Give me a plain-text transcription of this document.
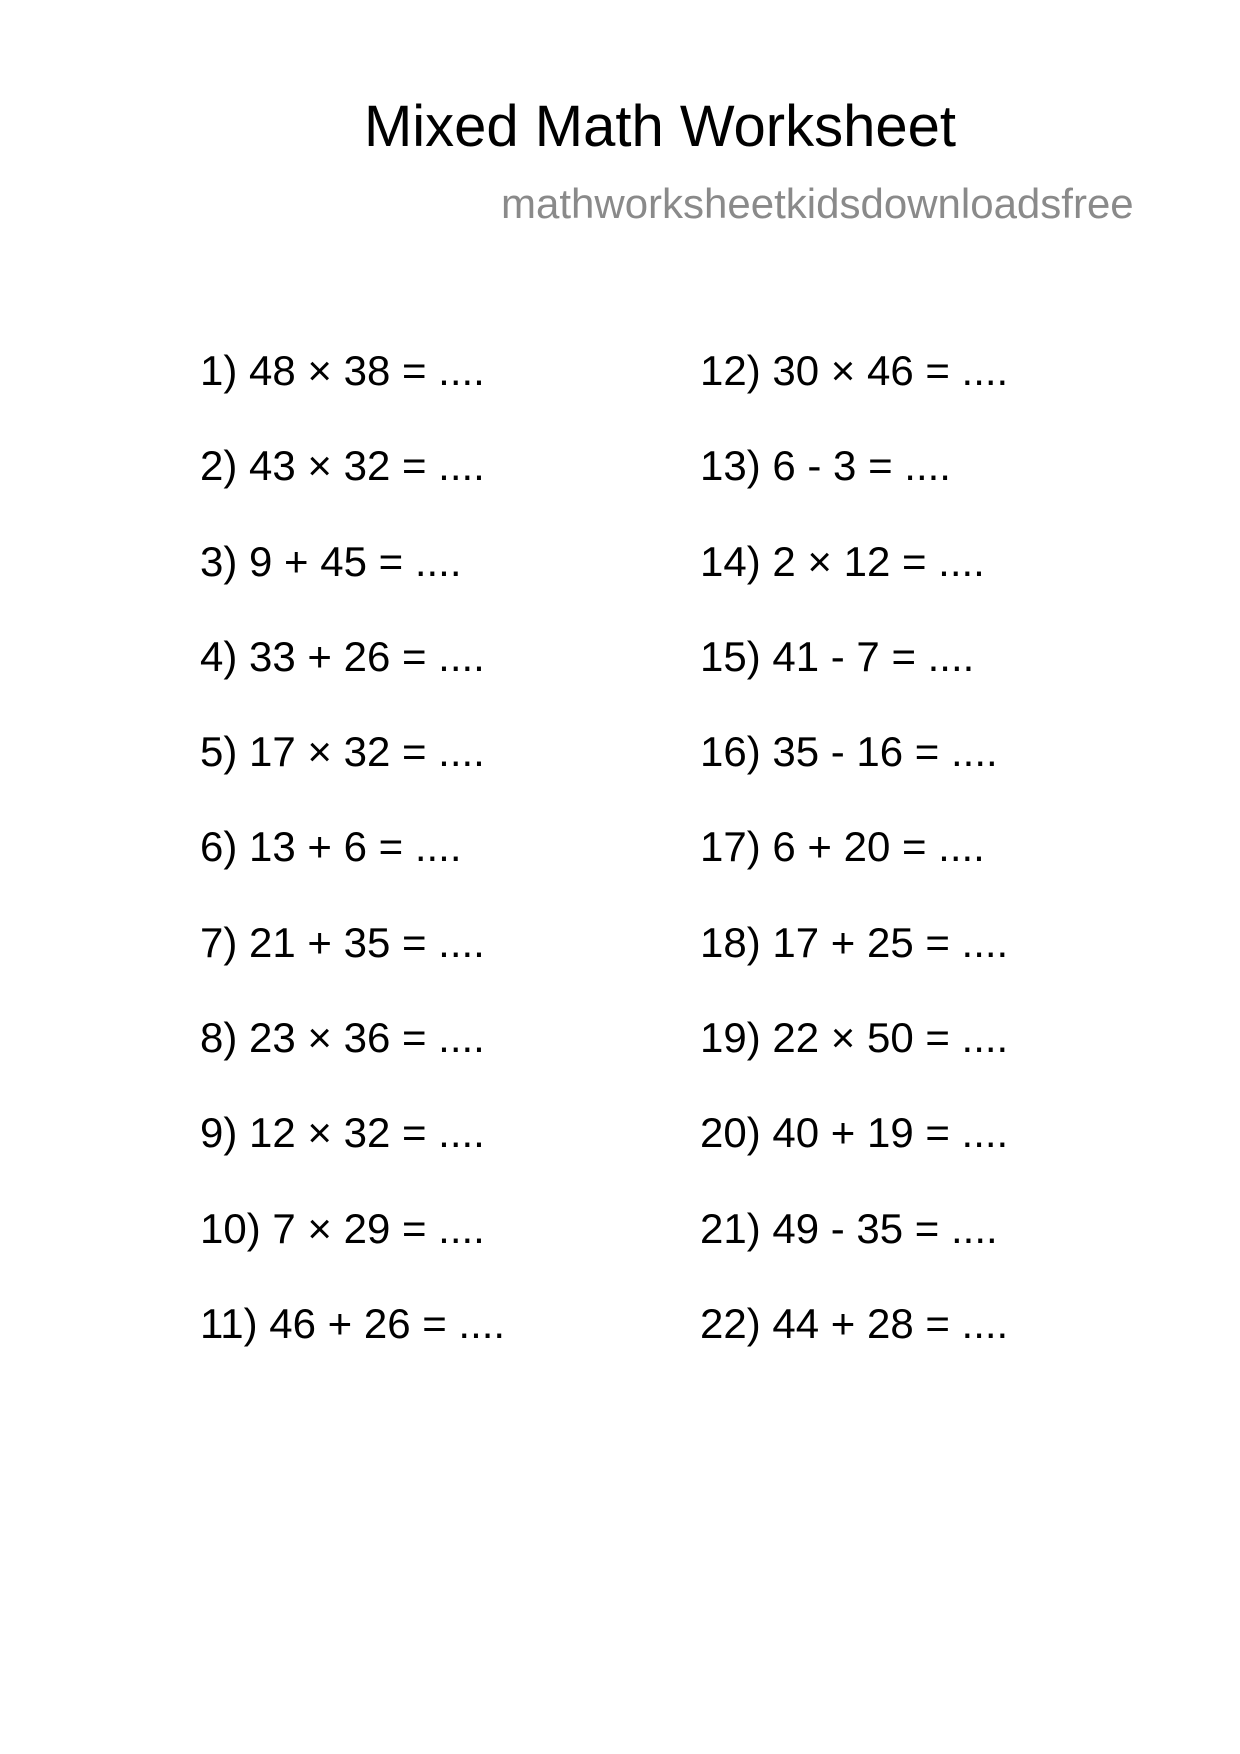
Mixed Math Worksheet
mathworksheetkidsdownloadsfree
1) 48 × 38 = ....
2) 43 × 32 = ....
3) 9 + 45 = ....
4) 33 + 26 = ....
5) 17 × 32 = ....
6) 13 + 6 = ....
7) 21 + 35 = ....
8) 23 × 36 = ....
9) 12 × 32 = ....
10) 7 × 29 = ....
11) 46 + 26 = ....
12) 30 × 46 = ....
13) 6 - 3 = ....
14) 2 × 12 = ....
15) 41 - 7 = ....
16) 35 - 16 = ....
17) 6 + 20 = ....
18) 17 + 25 = ....
19) 22 × 50 = ....
20) 40 + 19 = ....
21) 49 - 35 = ....
22) 44 + 28 = ....
